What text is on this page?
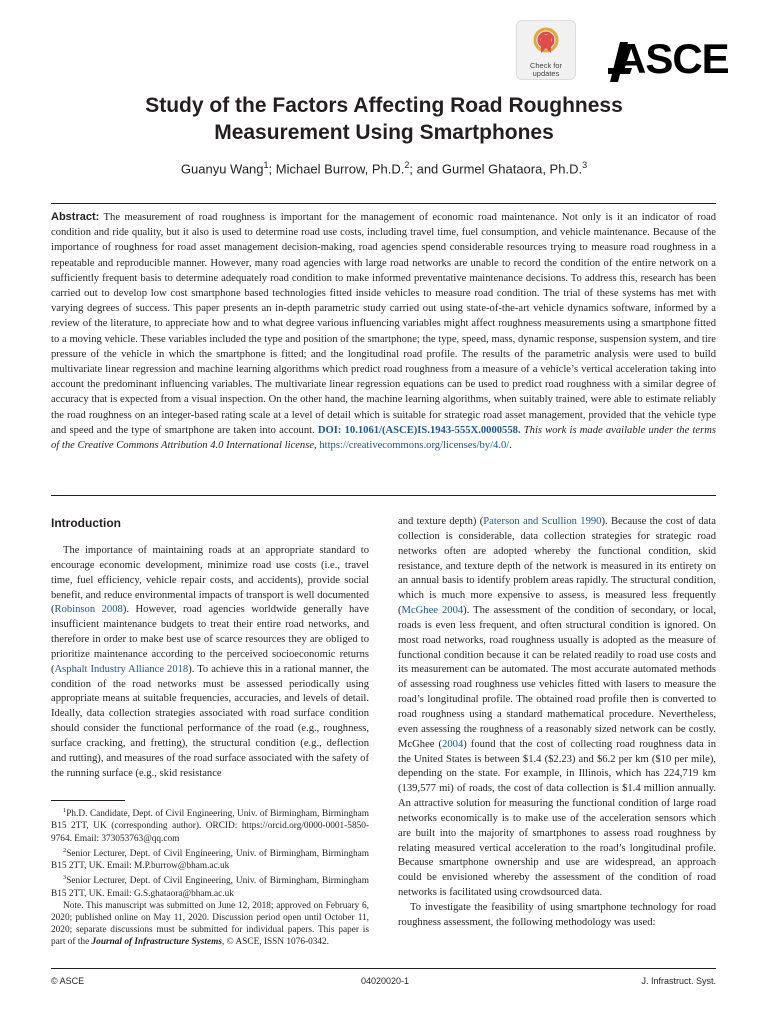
Check for
updates	ASCE
Study of the Factors Affecting Road Roughness
Measurement Using Smartphones
Guanyu Wang$^1$; Michael Burrow, Ph.D.$^2$; and Gurmel Ghataora, Ph.D.$^3$
Abstract: The measurement of road roughness is important for the management of economic road maintenance. Not only is it an indicator of road condition and ride quality, but it also is used to determine road use costs, including travel time, fuel consumption, and vehicle maintenance. Because of the importance of roughness for road asset management decision-making, road agencies spend considerable resources trying to measure road roughness in a repeatable and reproducible manner. However, many road agencies with large road networks are unable to record the condition of the entire network on a sufficiently frequent basis to determine adequately road condition to make informed preventative maintenance decisions. To address this, research has been carried out to develop low cost smartphone based technologies fitted inside vehicles to measure road condition. The trial of these systems has met with varying degrees of success. This paper presents an in-depth parametric study carried out using state-of-the-art vehicle dynamics software, informed by a review of the literature, to appreciate how and to what degree various influencing variables might affect roughness measurements using a smartphone fitted to a moving vehicle. These variables included the type and position of the smartphone; the type, speed, mass, dynamic response, suspension system, and tire pressure of the vehicle in which the smartphone is fitted; and the longitudinal road profile. The results of the parametric analysis were used to build multivariate linear regression and machine learning algorithms which predict road roughness from a measure of a vehicle’s vertical acceleration taking into account the predominant influencing variables. The multivariate linear regression equations can be used to predict road roughness with a similar degree of accuracy that is expected from a visual inspection. On the other hand, the machine learning algorithms, when suitably trained, were able to estimate reliably the road roughness on an integer-based rating scale at a level of detail which is suitable for strategic road asset management, provided that the vehicle type and speed and the type of smartphone are taken into account. DOI: 10.1061/(ASCE)IS.1943-555X.0000558. This work is made available under the terms of the Creative Commons Attribution 4.0 International license, https://creativecommons.org/licenses/by/4.0/.
Introduction

The importance of maintaining roads at an appropriate standard to encourage economic development, minimize road use costs (i.e., travel time, fuel efficiency, vehicle repair costs, and accidents), provide social benefit, and reduce environmental impacts of transport is well documented (Robinson 2008). However, road agencies worldwide generally have insufficient maintenance budgets to treat their entire road networks, and therefore in order to make best use of scarce resources they are obliged to prioritize maintenance according to the perceived socioeconomic returns (Asphalt Industry Alliance 2018). To achieve this in a rational manner, the condition of the road networks must be assessed periodically using appropriate means at suitable frequencies, accuracies, and levels of detail. Ideally, data collection strategies associated with road surface condition should consider the functional performance of the road (e.g., roughness, surface cracking, and fretting), the structural condition (e.g., deflection and rutting), and measures of the road surface associated with the safety of the running surface (e.g., skid resistance

$^1$Ph.D. Candidate, Dept. of Civil Engineering, Univ. of Birmingham, Birmingham B15 2TT, UK (corresponding author). ORCID: https://orcid.org/0000-0001-5850-9764. Email: 373053763@qq.com

$^2$Senior Lecturer, Dept. of Civil Engineering, Univ. of Birmingham, Birmingham B15 2TT, UK. Email: M.P.burrow@bham.ac.uk

$^3$Senior Lecturer, Dept. of Civil Engineering, Univ. of Birmingham, Birmingham B15 2TT, UK. Email: G.S.ghataora@bham.ac.uk

Note. This manuscript was submitted on June 12, 2018; approved on February 6, 2020; published online on May 11, 2020. Discussion period open until October 11, 2020; separate discussions must be submitted for individual papers. This paper is part of the Journal of Infrastructure Systems, © ASCE, ISSN 1076-0342.

and texture depth) (Paterson and Scullion 1990). Because the cost of data collection is considerable, data collection strategies for strategic road networks often are adopted whereby the functional condition, skid resistance, and texture depth of the network is measured in its entirety on an annual basis to identify problem areas rapidly. The structural condition, which is much more expensive to assess, is measured less frequently (McGhee 2004). The assessment of the condition of secondary, or local, roads is even less frequent, and often structural condition is ignored. On most road networks, road roughness usually is adopted as the measure of functional condition because it can be related readily to road use costs and its measurement can be automated. The most accurate automated methods of assessing road roughness use vehicles fitted with lasers to measure the road’s longitudinal profile. The obtained road profile then is converted to road roughness using a standard mathematical procedure. Nevertheless, even assessing the roughness of a reasonably sized network can be costly. McGhee (2004) found that the cost of collecting road roughness data in the United States is between $1.4 ($2.23) and $6.2 per km ($10 per mile), depending on the state. For example, in Illinois, which has 224,719 km (139,577 mi) of roads, the cost of data collection is $1.4 million annually. An attractive solution for measuring the functional condition of large road networks economically is to make use of the acceleration sensors which are built into the majority of smartphones to assess road roughness by relating measured vertical acceleration to the road’s longitudinal profile. Because smartphone ownership and use are widespread, an approach could be envisioned whereby the assessment of the condition of road networks is facilitated using crowdsourced data.

To investigate the feasibility of using smartphone technology for road roughness assessment, the following methodology was used:

© ASCE	04020020-1	J. Infrastruct. Syst.
